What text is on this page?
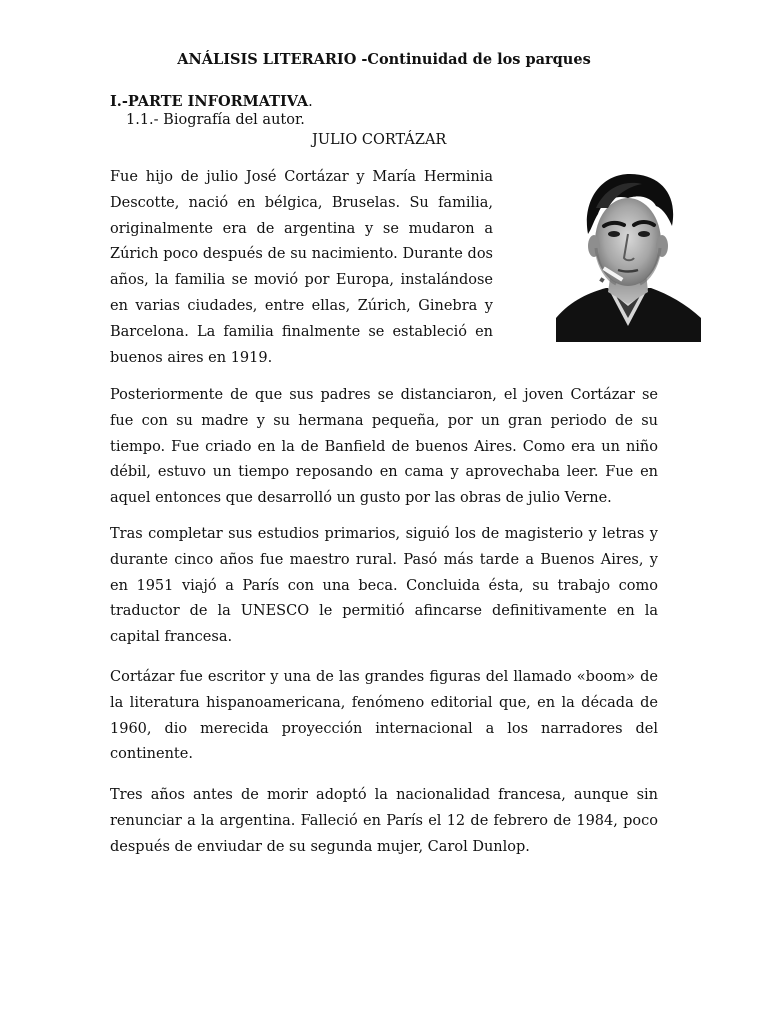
ANÁLISIS LITERARIO -Continuidad de los parques
I.-PARTE INFORMATIVA.
1.1.- Biografía del autor.
JULIO CORTÁZAR

Fue hijo de julio José Cortázar y María Herminia Descotte, nació en bélgica, Bruselas. Su familia, originalmente era de argentina y se mudaron a Zúrich poco después de su nacimiento. Durante dos años, la familia se movió por Europa, instalándose en varias ciudades, entre ellas, Zúrich, Ginebra y Barcelona. La familia finalmente se estableció en buenos aires en 1919.

Posteriormente de que sus padres se distanciaron, el joven Cortázar se fue con su madre y su hermana pequeña, por un gran periodo de su tiempo. Fue criado en la de Banfield de buenos Aires. Como era un niño débil, estuvo un tiempo reposando en cama y aprovechaba leer. Fue en aquel entonces que desarrolló un gusto por las obras de julio Verne.

Tras completar sus estudios primarios, siguió los de magisterio y letras y durante cinco años fue maestro rural. Pasó más tarde a Buenos Aires, y en 1951 viajó a París con una beca. Concluida ésta, su trabajo como traductor de la UNESCO le permitió afincarse definitivamente en la capital francesa.

Cortázar fue escritor y una de las grandes figuras del llamado «boom» de la literatura hispanoamericana, fenómeno editorial que, en la década de 1960, dio merecida proyección internacional a los narradores del continente.

Tres años antes de morir adoptó la nacionalidad francesa, aunque sin renunciar a la argentina. Falleció en París el 12 de febrero de 1984, poco después de enviudar de su segunda mujer, Carol Dunlop.
